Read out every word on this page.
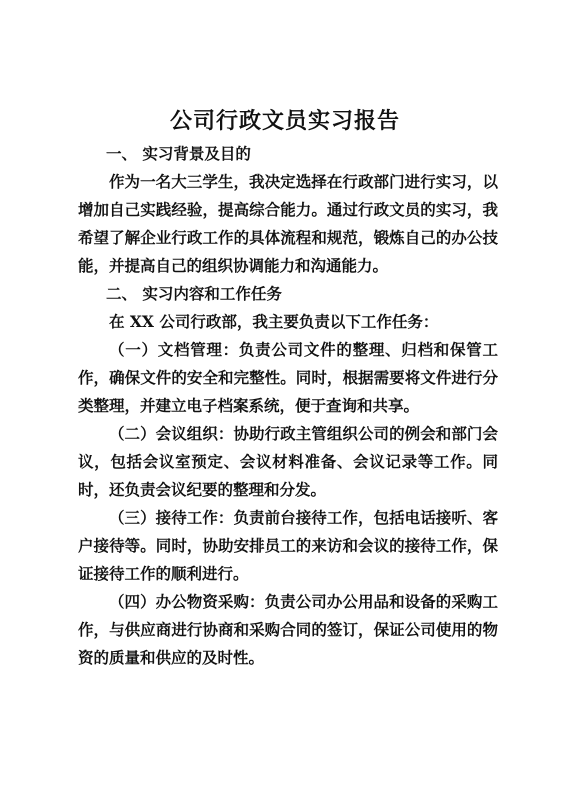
公司行政文员实习报告

一、 实习背景及目的

作为一名大三学生，我决定选择在行政部门进行实习，以增加自己实践经验，提高综合能力。通过行政文员的实习，我希望了解企业行政工作的具体流程和规范，锻炼自己的办公技能，并提高自己的组织协调能力和沟通能力。

二、 实习内容和工作任务

在 XX 公司行政部，我主要负责以下工作任务：

（一）文档管理：负责公司文件的整理、归档和保管工作，确保文件的安全和完整性。同时，根据需要将文件进行分类整理，并建立电子档案系统，便于查询和共享。

（二）会议组织：协助行政主管组织公司的例会和部门会议，包括会议室预定、会议材料准备、会议记录等工作。同时，还负责会议纪要的整理和分发。

（三）接待工作：负责前台接待工作，包括电话接听、客户接待等。同时，协助安排员工的来访和会议的接待工作，保证接待工作的顺利进行。

（四）办公物资采购：负责公司办公用品和设备的采购工作，与供应商进行协商和采购合同的签订，保证公司使用的物资的质量和供应的及时性。
